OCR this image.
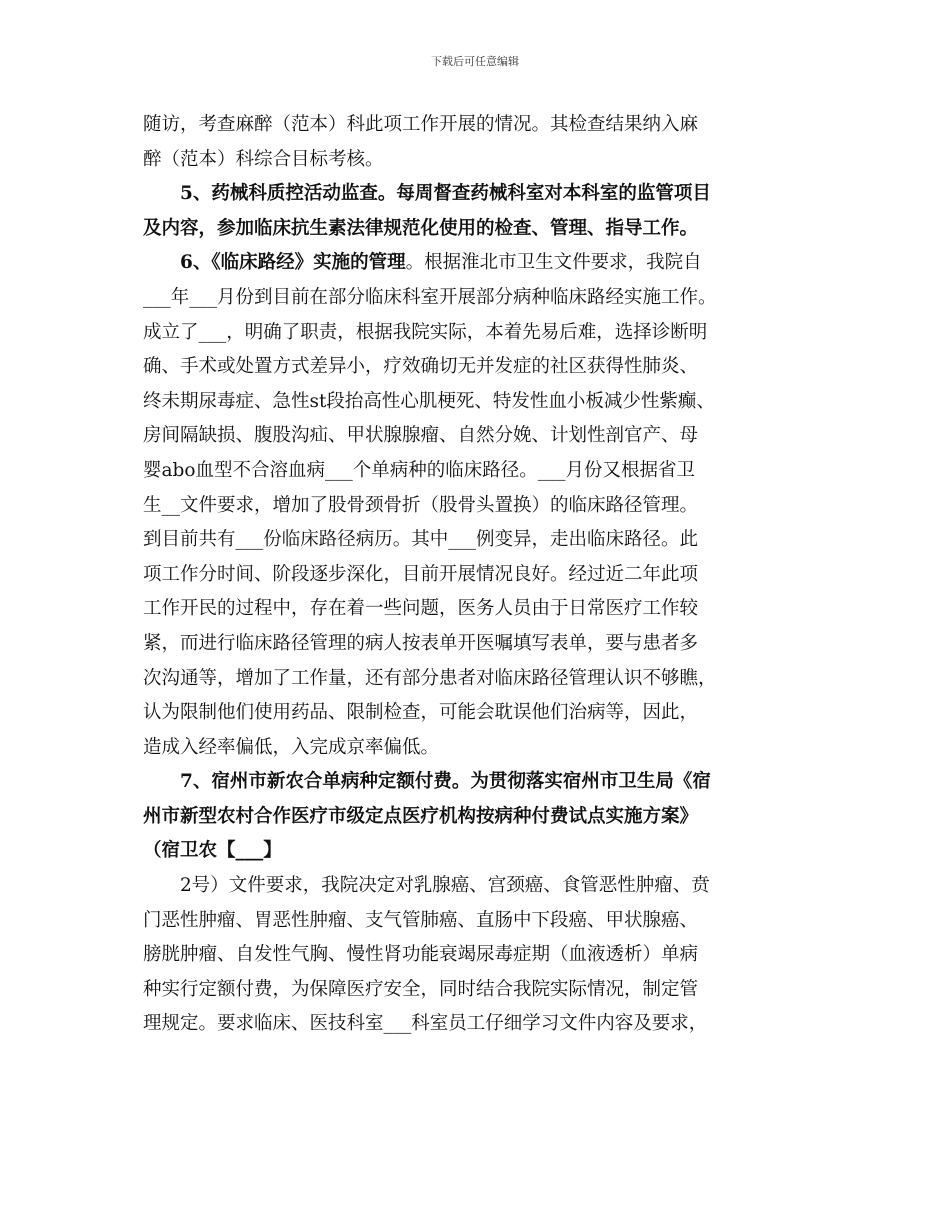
下载后可任意编辑
随访，考查麻醉（范本）科此项工作开展的情况。其检查结果纳入麻
醉（范本）科综合目标考核。
5、药械科质控活动监查。每周督查药械科室对本科室的监管项目
及内容，参加临床抗生素法律规范化使用的检查、管理、指导工作。
6、《临床路经》实施的管理。根据淮北市卫生文件要求，我院自
___年___月份到目前在部分临床科室开展部分病种临床路经实施工作。
成立了___，明确了职责，根据我院实际，本着先易后难，选择诊断明
确、手术或处置方式差异小，疗效确切无并发症的社区获得性肺炎、
终未期尿毒症、急性st段抬高性心肌梗死、特发性血小板减少性紫癫、
房间隔缺损、腹股沟疝、甲状腺腺瘤、自然分娩、计划性剖官产、母
婴abo血型不合溶血病___个单病种的临床路径。___月份又根据省卫
生__文件要求，增加了股骨颈骨折（股骨头置换）的临床路径管理。
到目前共有___份临床路径病历。其中___例变异，走出临床路径。此
项工作分时间、阶段逐步深化，目前开展情况良好。经过近二年此项
工作开民的过程中，存在着一些问题，医务人员由于日常医疗工作较
紧，而进行临床路径管理的病人按表单开医嘱填写表单，要与患者多
次沟通等，增加了工作量，还有部分患者对临床路径管理认识不够瞧，
认为限制他们使用药品、限制检查，可能会耽误他们治病等，因此，
造成入经率偏低，入完成京率偏低。
7、宿州市新农合单病种定额付费。为贯彻落实宿州市卫生局《宿
州市新型农村合作医疗市级定点医疗机构按病种付费试点实施方案》
（宿卫农【___】
2号）文件要求，我院决定对乳腺癌、宫颈癌、食管恶性肿瘤、贲
门恶性肿瘤、胃恶性肿瘤、支气管肺癌、直肠中下段癌、甲状腺癌、
膀胱肿瘤、自发性气胸、慢性肾功能衰竭尿毒症期（血液透析）单病
种实行定额付费，为保障医疗安全，同时结合我院实际情况，制定管
理规定。要求临床、医技科室___科室员工仔细学习文件内容及要求，
